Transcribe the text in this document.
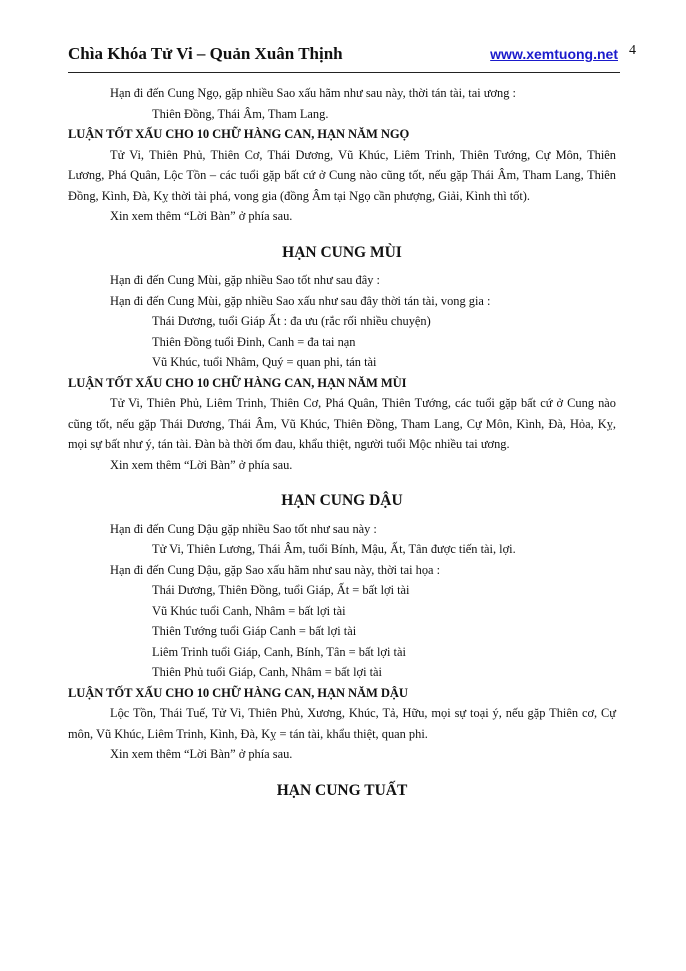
Chìa Khóa Tử Vi – Quản Xuân Thịnh	www.xemtuong.net 4

Hạn đi đến Cung Ngọ, gặp nhiều Sao xấu hãm như sau này, thời tán tài, tai ương :

Thiên Đồng, Thái Âm, Tham Lang.

LUẬN TỐT XẤU CHO 10 CHỮ HÀNG CAN, HẠN NĂM NGỌ

Tử Vi, Thiên Phủ, Thiên Cơ, Thái Dương, Vũ Khúc, Liêm Trinh, Thiên Tướng, Cự Môn, Thiên Lương, Phá Quân, Lộc Tồn – các tuổi gặp bất cứ ở Cung nào cũng tốt, nếu gặp Thái Âm, Tham Lang, Thiên Đồng, Kình, Đà, Kỵ thời tài phá, vong gia (đồng Âm tại Ngọ cần phượng, Giải, Kình thì tốt).

Xin xem thêm “Lời Bàn” ở phía sau.

HẠN CUNG MÙI

Hạn đi đến Cung Mùi, gặp nhiều Sao tốt như sau đây :

Hạn đi đến Cung Mùi, gặp nhiều Sao xấu như sau đây thời tán tài, vong gia :

Thái Dương, tuổi Giáp Ất : đa ưu (rắc rối nhiều chuyện)

Thiên Đồng tuổi Đinh, Canh = đa tai nạn

Vũ Khúc, tuổi Nhâm, Quý = quan phi, tán tài

LUẬN TỐT XẤU CHO 10 CHỮ HÀNG CAN, HẠN NĂM MÙI

Tử Vi, Thiên Phủ, Liêm Trinh, Thiên Cơ, Phá Quân, Thiên Tướng, các tuổi gặp bất cứ ở Cung nào cũng tốt, nếu gặp Thái Dương, Thái Âm, Vũ Khúc, Thiên Đồng, Tham Lang, Cự Môn, Kình, Đà, Hỏa, Kỵ, mọi sự bất như ý, tán tài. Đàn bà thời ốm đau, khẩu thiệt, người tuổi Mộc nhiều tai ương.

Xin xem thêm “Lời Bàn” ở phía sau.

HẠN CUNG DẬU

Hạn đi đến Cung Dậu gặp nhiều Sao tốt như sau này :

Tử Vi, Thiên Lương, Thái Âm, tuổi Bính, Mậu, Ất, Tân được tiến tài, lợi.

Hạn đi đến Cung Dậu, gặp Sao xấu hãm như sau này, thời tai họa :

Thái Dương, Thiên Đồng, tuổi Giáp, Ất = bất lợi tài

Vũ Khúc tuổi Canh, Nhâm = bất lợi tài

Thiên Tướng tuổi Giáp Canh = bất lợi tài

Liêm Trinh tuổi Giáp, Canh, Bính, Tân = bất lợi tài

Thiên Phủ tuổi Giáp, Canh, Nhâm = bất lợi tài

LUẬN TỐT XẤU CHO 10 CHỮ HÀNG CAN, HẠN NĂM DẬU

Lộc Tồn, Thái Tuế, Tử Vi, Thiên Phủ, Xương, Khúc, Tả, Hữu, mọi sự toại ý, nếu gặp Thiên cơ, Cự môn, Vũ Khúc, Liêm Trinh, Kình, Đà, Kỵ = tán tài, khẩu thiệt, quan phi.

Xin xem thêm “Lời Bàn” ở phía sau.

HẠN CUNG TUẤT
